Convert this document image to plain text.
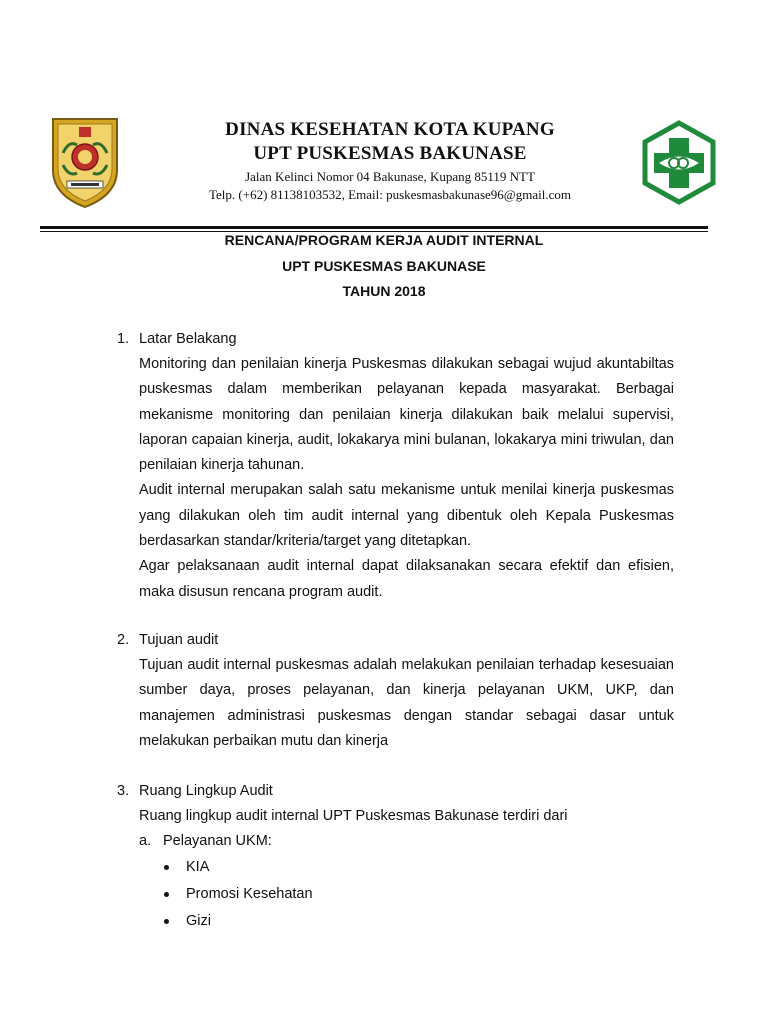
DINAS KESEHATAN KOTA KUPANG
UPT PUSKESMAS BAKUNASE
Jalan Kelinci Nomor 04 Bakunase, Kupang 85119 NTT
Telp. (+62) 81138103532, Email: puskesmasbakunase96@gmail.com
RENCANA/PROGRAM KERJA AUDIT INTERNAL
UPT PUSKESMAS BAKUNASE
TAHUN 2018
1. Latar Belakang

Monitoring dan penilaian kinerja Puskesmas dilakukan sebagai wujud akuntabiltas puskesmas dalam memberikan pelayanan kepada masyarakat. Berbagai mekanisme monitoring dan penilaian kinerja dilakukan baik melalui supervisi, laporan capaian kinerja, audit, lokakarya mini bulanan, lokakarya mini triwulan, dan penilaian kinerja tahunan.

Audit internal merupakan salah satu mekanisme untuk menilai kinerja puskesmas yang dilakukan oleh tim audit internal yang dibentuk oleh Kepala Puskesmas berdasarkan standar/kriteria/target yang ditetapkan.

Agar pelaksanaan audit internal dapat dilaksanakan secara efektif dan efisien, maka disusun rencana program audit.

2. Tujuan audit

Tujuan audit internal puskesmas adalah melakukan penilaian terhadap kesesuaian sumber daya, proses pelayanan, dan kinerja pelayanan UKM, UKP, dan manajemen administrasi puskesmas dengan standar sebagai dasar untuk melakukan perbaikan mutu dan kinerja

3. Ruang Lingkup Audit

Ruang lingkup audit internal UPT Puskesmas Bakunase terdiri dari

a. Pelayanan UKM:
KIA
Promosi Kesehatan
Gizi
